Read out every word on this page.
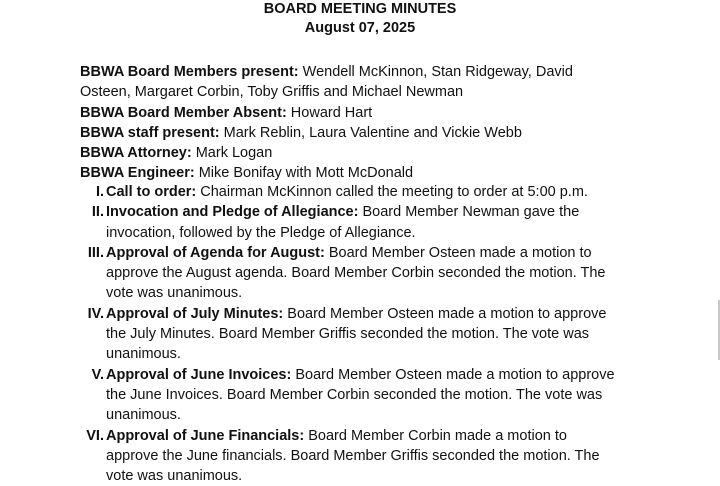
BOARD MEETING MINUTES
August 07, 2025
BBWA Board Members present: Wendell McKinnon, Stan Ridgeway, David
Osteen, Margaret Corbin, Toby Griffis and Michael Newman
BBWA Board Member Absent: Howard Hart
BBWA staff present: Mark Reblin, Laura Valentine and Vickie Webb
BBWA Attorney: Mark Logan
BBWA Engineer: Mike Bonifay with Mott McDonald
I. Call to order: Chairman McKinnon called the meeting to order at 5:00 p.m.
II. Invocation and Pledge of Allegiance: Board Member Newman gave the
invocation, followed by the Pledge of Allegiance.
III. Approval of Agenda for August: Board Member Osteen made a motion to
approve the August agenda. Board Member Corbin seconded the motion. The
vote was unanimous.
IV. Approval of July Minutes: Board Member Osteen made a motion to approve
the July Minutes. Board Member Griffis seconded the motion. The vote was
unanimous.
V. Approval of June Invoices: Board Member Osteen made a motion to approve
the June Invoices. Board Member Corbin seconded the motion. The vote was
unanimous.
VI. Approval of June Financials: Board Member Corbin made a motion to
approve the June financials. Board Member Griffis seconded the motion. The
vote was unanimous.
